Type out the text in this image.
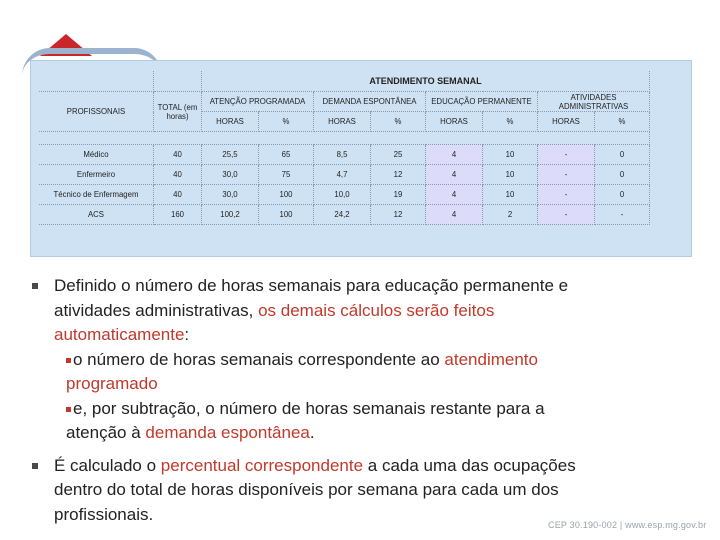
		ATENDIMENTO SEMANAL							
PROFISSONAIS	TOTAL (em horas)	ATENÇÃO PROGRAMADA		DEMANDA ESPONTÂNEA		EDUCAÇÃO PERMANENTE		ATIVIDADES ADMINISTRATIVAS	
		HORAS	%	HORAS	%	HORAS	%	HORAS	%

Médico	40	25,5	65	8,5	25	4	10	-	0
Enfermeiro	40	30,0	75	4,7	12	4	10	-	0
Técnico de Enfermagem	40	30,0	100	10,0	19	4	10	-	0
ACS	160	100,2	100	24,2	12	4	2	-	-
Definido o número de horas semanais para educação permanente e
atividades administrativas, os demais cálculos serão feitos
automaticamente:
o número de horas semanais correspondente ao atendimento
programado
e, por subtração, o número de horas semanais restante para a
atenção à demanda espontânea.
É calculado o percentual correspondente a cada uma das ocupações
dentro do total de horas disponíveis por semana para cada um dos
profissionais.
CEP 30.190-002 | www.esp.mg.gov.br
